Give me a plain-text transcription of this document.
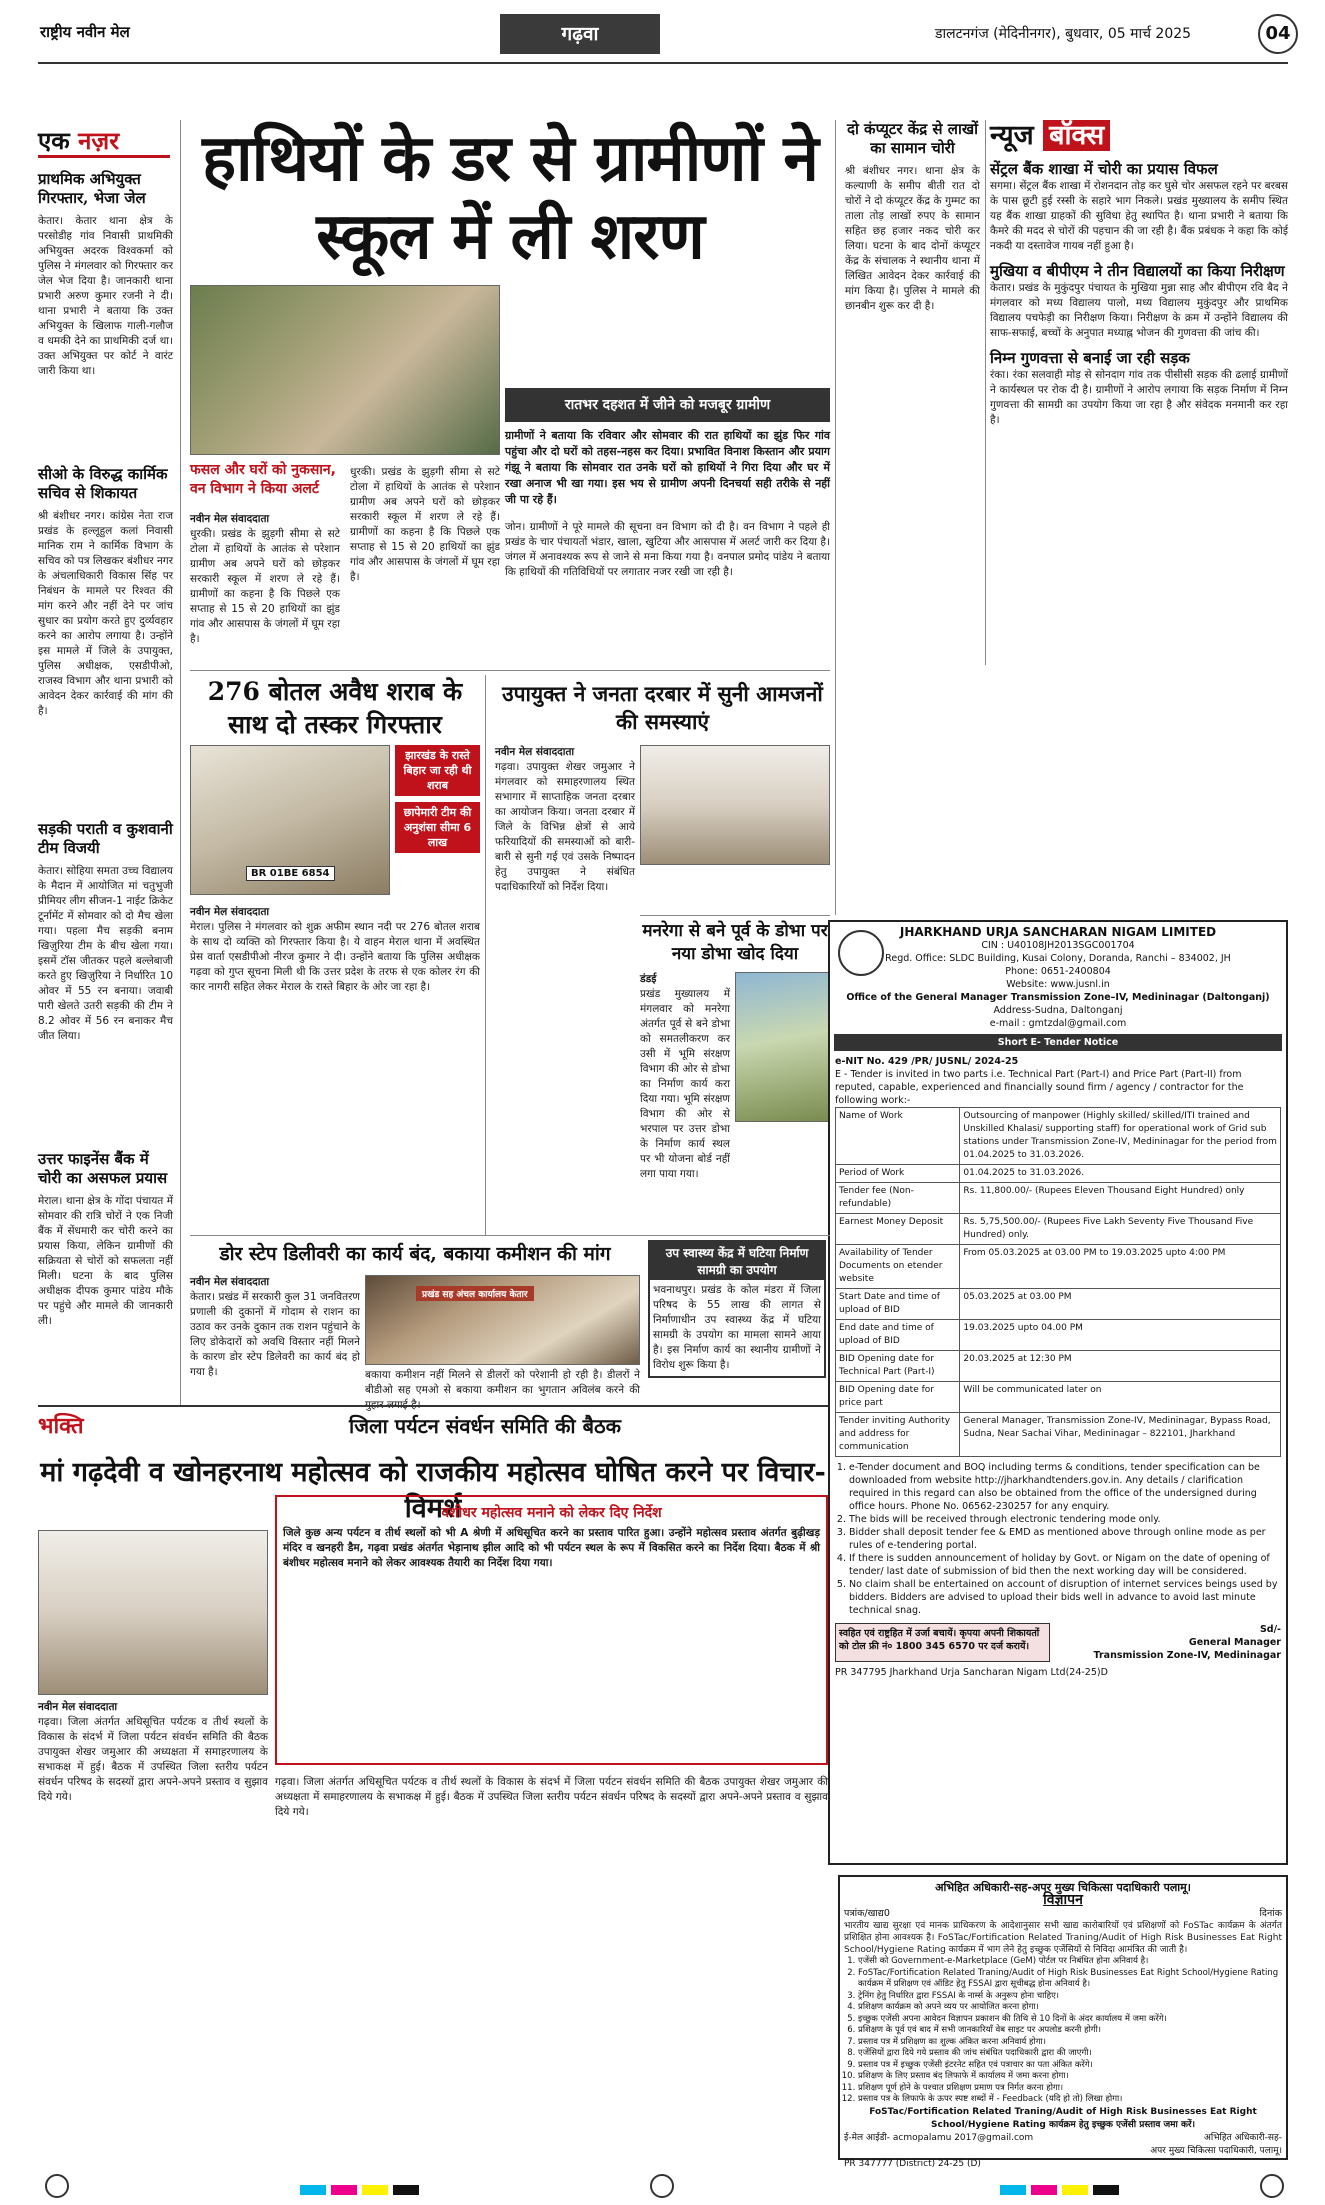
राष्ट्रीय नवीन मेल	गढ़वा	डालटनगंज (मेदिनीनगर), बुधवार, 05 मार्च 2025	04
एक नज़र
प्राथमिक अभियुक्त गिरफ्तार, भेजा जेल
केतार। केतार थाना क्षेत्र के परसोडीह गांव निवासी प्राथमिकी अभियुक्त अदरक विश्वकर्मा को पुलिस ने मंगलवार को गिरफ्तार कर जेल भेज दिया है। जानकारी थाना प्रभारी अरुण कुमार रजनी ने दी। थाना प्रभारी ने बताया कि उक्त अभियुक्त के खिलाफ गाली-गलौज व धमकी देने का प्राथमिकी दर्ज था। उक्त अभियुक्त पर कोर्ट ने वारंट जारी किया था।
सीओ के विरुद्ध कार्मिक सचिव से शिकायत
श्री बंशीधर नगर। कांग्रेस नेता राज प्रखंड के हल्लूहुल कलां निवासी मानिक राम ने कार्मिक विभाग के सचिव को पत्र लिखकर बंशीधर नगर के अंचलाधिकारी विकास सिंह पर निबंधन के मामले पर रिश्वत की मांग करने और नहीं देने पर जांच सुधार का प्रयोग करते हुए दुर्व्यवहार करने का आरोप लगाया है। उन्होंने इस मामले में जिले के उपायुक्त, पुलिस अधीक्षक, एसडीपीओ, राजस्व विभाग और थाना प्रभारी को आवेदन देकर कार्रवाई की मांग की है।
सड़की पराती व कुशवानी टीम विजयी
केतार। सोहिया समता उच्च विद्यालय के मैदान में आयोजित मां चतुभुजी प्रीमियर लीग सीजन-1 नाईट क्रिकेट टूर्नामेंट में सोमवार को दो मैच खेला गया। पहला मैच सड़की बनाम खिज़ुरिया टीम के बीच खेला गया। इसमें टॉस जीतकर पहले बल्लेबाजी करते हुए खिज़ुरिया ने निर्धारित 10 ओवर में 55 रन बनाया। जवाबी पारी खेलते उतरी सड़की की टीम ने 8.2 ओवर में 56 रन बनाकर मैच जीत लिया।
उत्तर फाइनेंस बैंक में चोरी का असफल प्रयास
मेराल। थाना क्षेत्र के गोंदा पंचायत में सोमवार की रात्रि चोरों ने एक निजी बैंक में सेंधमारी कर चोरी करने का प्रयास किया, लेकिन ग्रामीणों की सक्रियता से चोरों को सफलता नहीं मिली। घटना के बाद पुलिस अधीक्षक दीपक कुमार पांडेय मौके पर पहुंचे और मामले की जानकारी ली।
हाथियों के डर से ग्रामीणों ने स्कूल में ली शरण
फसल और घरों को नुकसान, वन विभाग ने किया अलर्ट
रातभर दहशत में जीने को मजबूर ग्रामीण
ग्रामीणों ने बताया कि रविवार और सोमवार की रात हाथियों का झुंड फिर गांव पहुंचा और दो घरों को तहस-नहस कर दिया। प्रभावित विनाश किस्तान और प्रयाग गंझू ने बताया कि सोमवार रात उनके घरों को हाथियों ने गिरा दिया और घर में रखा अनाज भी खा गया। इस भय से ग्रामीण अपनी दिनचर्या सही तरीके से नहीं जी पा रहे हैं।
नवीन मेल संवाददाता
धुरकी। प्रखंड के झुड़गी सीमा से सटे टोला में हाथियों के आतंक से परेशान ग्रामीण अब अपने घरों को छोड़कर सरकारी स्कूल में शरण ले रहे हैं। ग्रामीणों का कहना है कि पिछले एक सप्ताह से 15 से 20 हाथियों का झुंड गांव और आसपास के जंगलों में घूम रहा है।
धुरकी। प्रखंड के झुड़गी सीमा से सटे टोला में हाथियों के आतंक से परेशान ग्रामीण अब अपने घरों को छोड़कर सरकारी स्कूल में शरण ले रहे हैं। ग्रामीणों का कहना है कि पिछले एक सप्ताह से 15 से 20 हाथियों का झुंड गांव और आसपास के जंगलों में घूम रहा है।
जोन। ग्रामीणों ने पूरे मामले की सूचना वन विभाग को दी है। वन विभाग ने पहले ही प्रखंड के चार पंचायतों भंडार, खाला, खुटिया और आसपास में अलर्ट जारी कर दिया है। जंगल में अनावश्यक रूप से जाने से मना किया गया है। वनपाल प्रमोद पांडेय ने बताया कि हाथियों की गतिविधियों पर लगातार नजर रखी जा रही है।
दो कंप्यूटर केंद्र से लाखों का सामान चोरी
श्री बंशीधर नगर। थाना क्षेत्र के कल्याणी के समीप बीती रात दो चोरों ने दो कंप्यूटर केंद्र के गुम्मट का ताला तोड़ लाखों रुपए के सामान सहित छह हजार नकद चोरी कर लिया। घटना के बाद दोनों कंप्यूटर केंद्र के संचालक ने स्थानीय थाना में लिखित आवेदन देकर कार्रवाई की मांग किया है। पुलिस ने मामले की छानबीन शुरू कर दी है।
न्यूज बॉक्स
सेंट्रल बैंक शाखा में चोरी का प्रयास विफल
सगमा। सेंट्रल बैंक शाखा में रोशनदान तोड़ कर घुसे चोर असफल रहने पर बरबस के पास छूटी हुई रस्सी के सहारे भाग निकले। प्रखंड मुख्यालय के समीप स्थित यह बैंक शाखा ग्राहकों की सुविधा हेतु स्थापित है। थाना प्रभारी ने बताया कि कैमरे की मदद से चोरों की पहचान की जा रही है। बैंक प्रबंधक ने कहा कि कोई नकदी या दस्तावेज गायब नहीं हुआ है।
मुखिया व बीपीएम ने तीन विद्यालयों का किया निरीक्षण
केतार। प्रखंड के मुकुंदपुर पंचायत के मुखिया मुन्ना साह और बीपीएम रवि बैद ने मंगलवार को मध्य विद्यालय पालो, मध्य विद्यालय मुकुंदपुर और प्राथमिक विद्यालय पचफेड़ी का निरीक्षण किया। निरीक्षण के क्रम में उन्होंने विद्यालय की साफ-सफाई, बच्चों के अनुपात मध्याह्न भोजन की गुणवत्ता की जांच की।
निम्न गुणवत्ता से बनाई जा रही सड़क
रंका। रंका सलवाही मोड़ से सोनदाग गांव तक पीसीसी सड़क की ढलाई ग्रामीणों ने कार्यस्थल पर रोक दी है। ग्रामीणों ने आरोप लगाया कि सड़क निर्माण में निम्न गुणवत्ता की सामग्री का उपयोग किया जा रहा है और संवेदक मनमानी कर रहा है।
276 बोतल अवैध शराब के साथ दो तस्कर गिरफ्तार
BR 01BE 6854
झारखंड के रास्ते बिहार जा रही थी शराब
छापेमारी टीम की अनुशंसा सीमा 6 लाख
नवीन मेल संवाददाता
मेराल। पुलिस ने मंगलवार को शुक्र अफीम स्थान नदी पर 276 बोतल शराब के साथ दो व्यक्ति को गिरफ्तार किया है। ये वाहन मेराल थाना में अवस्थित प्रेस वार्ता एसडीपीओ नीरज कुमार ने दी। उन्होंने बताया कि पुलिस अधीक्षक गढ़वा को गुप्त सूचना मिली थी कि उत्तर प्रदेश के तरफ से एक कोलर रंग की कार नागरी सहित लेकर मेराल के रास्ते बिहार के ओर जा रहा है।
उपायुक्त ने जनता दरबार में सुनी आमजनों की समस्याएं
नवीन मेल संवाददाता
गढ़वा। उपायुक्त शेखर जमुआर ने मंगलवार को समाहरणालय स्थित सभागार में साप्ताहिक जनता दरबार का आयोजन किया। जनता दरबार में जिले के विभिन्न क्षेत्रों से आये फरियादियों की समस्याओं को बारी-बारी से सुनी गई एवं उसके निष्पादन हेतु उपायुक्त ने संबंधित पदाधिकारियों को निर्देश दिया।
मनरेगा से बने पूर्व के डोभा पर नया डोभा खोद दिया
डंडई
प्रखंड मुख्यालय में मंगलवार को मनरेगा अंतर्गत पूर्व से बने डोभा को समतलीकरण कर उसी में भूमि संरक्षण विभाग की ओर से डोभा का निर्माण कार्य करा दिया गया। भूमि संरक्षण विभाग की ओर से भरपाल पर उत्तर डोभा के निर्माण कार्य स्थल पर भी योजना बोर्ड नहीं लगा पाया गया।
JHARKHAND URJA SANCHARAN NIGAM LIMITED
CIN : U40108JH2013SGC001704
Regd. Office: SLDC Building, Kusai Colony, Doranda, Ranchi – 834002, JH
Phone: 0651-2400804
Website: www.jusnl.in
Office of the General Manager Transmission Zone–IV, Medininagar (Daltonganj)
Address-Sudna, Daltonganj
e-mail : gmtzdal@gmail.com
Short E- Tender Notice
e-NIT No. 429 /PR/ JUSNL/ 2024-25
E - Tender is invited in two parts i.e. Technical Part (Part-I) and Price Part (Part-II) from reputed, capable, experienced and financially sound firm / agency / contractor for the following work:-
Name of Work	Outsourcing of manpower (Highly skilled/ skilled/ITI trained and Unskilled Khalasi/ supporting staff) for operational work of Grid sub stations under Transmission Zone-IV, Medininagar for the period from 01.04.2025 to 31.03.2026.
Period of Work	01.04.2025 to 31.03.2026.
Tender fee (Non-refundable)	Rs. 11,800.00/- (Rupees Eleven Thousand Eight Hundred) only
Earnest Money Deposit	Rs. 5,75,500.00/- (Rupees Five Lakh Seventy Five Thousand Five Hundred) only.
Availability of Tender Documents on etender website	From 05.03.2025 at 03.00 PM to 19.03.2025 upto 4:00 PM
Start Date and time of upload of BID	05.03.2025 at 03.00 PM
End date and time of upload of BID	19.03.2025 upto 04.00 PM
BID Opening date for Technical Part (Part-I)	20.03.2025 at 12:30 PM
BID Opening date for price part	Will be communicated later on
Tender inviting Authority and address for communication	General Manager, Transmission Zone-IV, Medininagar, Bypass Road, Sudna, Near Sachai Vihar, Medininagar – 822101, Jharkhand
1. e-Tender document and BOQ including terms & conditions, tender specification can be downloaded from website http://jharkhandtenders.gov.in. Any details / clarification required in this regard can also be obtained from the office of the undersigned during office hours. Phone No. 06562-230257 for any enquiry.
2. The bids will be received through electronic tendering mode only.
3. Bidder shall deposit tender fee & EMD as mentioned above through online mode as per rules of e-tendering portal.
4. If there is sudden announcement of holiday by Govt. or Nigam on the date of opening of tender/ last date of submission of bid then the next working day will be considered.
5. No claim shall be entertained on account of disruption of internet services beings used by bidders. Bidders are advised to upload their bids well in advance to avoid last minute technical snag.
स्वहित एवं राष्ट्रहित में उर्जा बचायें। कृपया अपनी शिकायतों को टोल फ्री नं० 1800 345 6570 पर दर्ज करायें।
Sd/-
General Manager
Transmission Zone-IV, Medininagar
PR 347795 Jharkhand Urja Sancharan Nigam Ltd(24-25)D
डोर स्टेप डिलीवरी का कार्य बंद, बकाया कमीशन की मांग
नवीन मेल संवाददाता
केतार। प्रखंड में सरकारी कुल 31 जनवितरण प्रणाली की दुकानों में गोदाम से राशन का उठाव कर उनके दुकान तक राशन पहुंचाने के लिए डोकेदारों को अवधि विस्तार नहीं मिलने के कारण डोर स्टेप डिलेवरी का कार्य बंद हो गया है।
प्रखंड सह अंचल कार्यालय केतार
बकाया कमीशन नहीं मिलने से डीलरों को परेशानी हो रही है। डीलरों ने बीडीओ सह एमओ से बकाया कमीशन का भुगतान अविलंब करने की
उप स्वास्थ्य केंद्र में घटिया निर्माण सामग्री का उपयोग
भवनाथपुर। प्रखंड के कोल मंडरा में जिला परिषद के 55 लाख की लागत से निर्माणाधीन उप स्वास्थ्य केंद्र में घटिया सामग्री के उपयोग का मामला सामने आया है। इस निर्माण कार्य का स्थानीय ग्रामीणों ने विरोध शुरू किया है।
भक्ति	जिला पर्यटन संवर्धन समिति की बैठक
मां गढ़देवी व खोनहरनाथ महोत्सव को राजकीय महोत्सव घोषित करने पर विचार-विमर्श
वंशीधर महोत्सव मनाने को लेकर दिए निर्देश
जिले कुछ अन्य पर्यटन व तीर्थ स्थलों को भी A श्रेणी में अधिसूचित करने का प्रस्ताव पारित हुआ। उन्होंने महोत्सव प्रस्ताव अंतर्गत बुढ़ीखड़ मंदिर व खनहरी डैम, गढ़वा प्रखंड अंतर्गत भेड़ानाथ झील आदि को भी पर्यटन स्थल के रूप में विकसित करने का निर्देश दिया। बैठक में श्री बंशीधर महोत्सव मनाने को लेकर आवश्यक तैयारी का निर्देश दिया गया।
नवीन मेल संवाददाता
गढ़वा। जिला अंतर्गत अधिसूचित पर्यटक व तीर्थ स्थलों के विकास के संदर्भ में जिला पर्यटन संवर्धन समिति की बैठक उपायुक्त शेखर जमुआर की अध्यक्षता में समाहरणालय के सभाकक्ष में हुई। बैठक में उपस्थित जिला स्तरीय पर्यटन संवर्धन परिषद के सदस्यों द्वारा अपने-अपने प्रस्ताव व सुझाव दिये गये।
गढ़वा। जिला अंतर्गत अधिसूचित पर्यटक व तीर्थ स्थलों के विकास के संदर्भ में जिला पर्यटन संवर्धन समिति की बैठक उपायुक्त शेखर जमुआर की अध्यक्षता में समाहरणालय के सभाकक्ष में हुई। बैठक में उपस्थित जिला स्तरीय पर्यटन संवर्धन परिषद के सदस्यों द्वारा अपने-अपने प्रस्ताव व सुझाव दिये गये।
अभिहित अधिकारी-सह-अपर मुख्य चिकित्सा पदाधिकारी पलामू।
विज्ञापन
पत्रांक/खाद्य0	दिनांक
भारतीय खाद्य सुरक्षा एवं मानक प्राधिकरण के आदेशानुसार सभी खाद्य कारोबारियों एवं प्रशिक्षणों को FoSTac कार्यक्रम के अंतर्गत प्रशिक्षित होना आवश्यक है। FoSTac/Fortification Related Traning/Audit of High Risk Businesses Eat Right School/Hygiene Rating कार्यक्रम में भाग लेने हेतु इच्छुक एजेंसियों से निविदा आमंत्रित की जाती है।
1. एजेंसी को Government-e-Marketplace (GeM) पोर्टल पर निबंधित होना अनिवार्य है।
2. FoSTac/Fortification Related Traning/Audit of High Risk Businesses Eat Right School/Hygiene Rating कार्यक्रम में प्रशिक्षण एवं ऑडिट हेतु FSSAI द्वारा सूचीबद्ध होना अनिवार्य है।
3. ट्रेनिंग हेतु निर्धारित द्वारा FSSAI के नार्म्स के अनुरूप होना चाहिए।
4. प्रशिक्षण कार्यक्रम को अपने व्यय पर आयोजित करना होगा।
5. इच्छुक एजेंसी अपना आवेदन विज्ञापन प्रकाशन की तिथि से 10 दिनों के अंदर कार्यालय में जमा करेंगे।
6. प्रशिक्षण के पूर्व एवं बाद में सभी जानकारियाँ वेब साइट पर अपलोड करनी होगी।
7. प्रस्ताव पत्र में प्रशिक्षण का शुल्क अंकित करना अनिवार्य होगा।
8. एजेंसियों द्वारा दिये गये प्रस्ताव की जांच संबंधित पदाधिकारी द्वारा की जाएगी।
9. प्रस्ताव पत्र में इच्छुक एजेंसी इंटरनेट सहित एवं पत्राचार का पता अंकित करेंगे।
10. प्रशिक्षण के लिए प्रस्ताव बंद लिफाफे में कार्यालय में जमा करना होगा।
11. प्रशिक्षण पूर्ण होने के पश्चात प्रशिक्षण प्रमाण पत्र निर्गत करना होगा।
12. प्रस्ताव पत्र के लिफाफे के ऊपर स्पष्ट शब्दों में - Feedback (यदि हो तो) लिखा होगा।
FoSTac/Fortification Related Traning/Audit of High Risk Businesses Eat Right School/Hygiene Rating कार्यक्रम हेतु इच्छुक एजेंसी प्रस्ताव जमा करें।
ई-मेल आईडी- acmopalamu 2017@gmail.com	अभिहित अधिकारी-सह-
अपर मुख्य चिकित्सा पदाधिकारी, पलामू।
PR 347777 (District) 24-25 (D)
